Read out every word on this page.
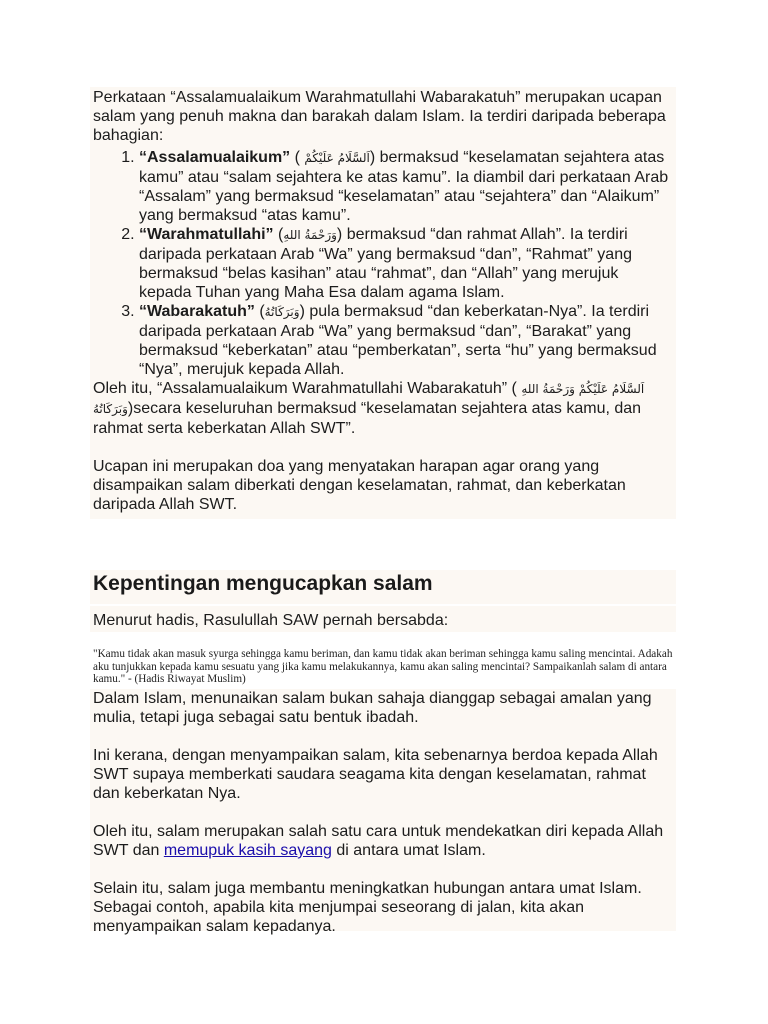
Perkataan “Assalamualaikum Warahmatullahi Wabarakatuh” merupakan ucapan salam yang penuh makna dan barakah dalam Islam. Ia terdiri daripada beberapa bahagian:

1. “Assalamualaikum” ( اَلسَّلَامُ عَلَيْكُمْ) bermaksud “keselamatan sejahtera atas kamu” atau “salam sejahtera ke atas kamu”. Ia diambil dari perkataan Arab “Assalam” yang bermaksud “keselamatan” atau “sejahtera” dan “Alaikum” yang bermaksud “atas kamu”.
2. “Warahmatullahi” (وَرَحْمَةُ اللهِ) bermaksud “dan rahmat Allah”. Ia terdiri daripada perkataan Arab “Wa” yang bermaksud “dan”, “Rahmat” yang bermaksud “belas kasihan” atau “rahmat”, dan “Allah” yang merujuk kepada Tuhan yang Maha Esa dalam agama Islam.
3. “Wabarakatuh” (وَبَرَكَاتُهُ) pula bermaksud “dan keberkatan-Nya”. Ia terdiri daripada perkataan Arab “Wa” yang bermaksud “dan”, “Barakat” yang bermaksud “keberkatan” atau “pemberkatan”, serta “hu” yang bermaksud “Nya”, merujuk kepada Allah.

Oleh itu, “Assalamualaikum Warahmatullahi Wabarakatuh” ( اَلسَّلَامُ عَلَيْكُمْ وَرَحْمَةُ اللهِ وَبَرَكَاتُهُ)secara keseluruhan bermaksud “keselamatan sejahtera atas kamu, dan rahmat serta keberkatan Allah SWT”.

Ucapan ini merupakan doa yang menyatakan harapan agar orang yang disampaikan salam diberkati dengan keselamatan, rahmat, dan keberkatan daripada Allah SWT.

Kepentingan mengucapkan salam

Menurut hadis, Rasulullah SAW pernah bersabda:

"Kamu tidak akan masuk syurga sehingga kamu beriman, dan kamu tidak akan beriman sehingga kamu saling mencintai. Adakah aku tunjukkan kepada kamu sesuatu yang jika kamu melakukannya, kamu akan saling mencintai? Sampaikanlah salam di antara kamu." - (Hadis Riwayat Muslim)

Dalam Islam, menunaikan salam bukan sahaja dianggap sebagai amalan yang mulia, tetapi juga sebagai satu bentuk ibadah.

Ini kerana, dengan menyampaikan salam, kita sebenarnya berdoa kepada Allah SWT supaya memberkati saudara seagama kita dengan keselamatan, rahmat dan keberkatan Nya.

Oleh itu, salam merupakan salah satu cara untuk mendekatkan diri kepada Allah SWT dan memupuk kasih sayang di antara umat Islam.

Selain itu, salam juga membantu meningkatkan hubungan antara umat Islam. Sebagai contoh, apabila kita menjumpai seseorang di jalan, kita akan menyampaikan salam kepadanya.
